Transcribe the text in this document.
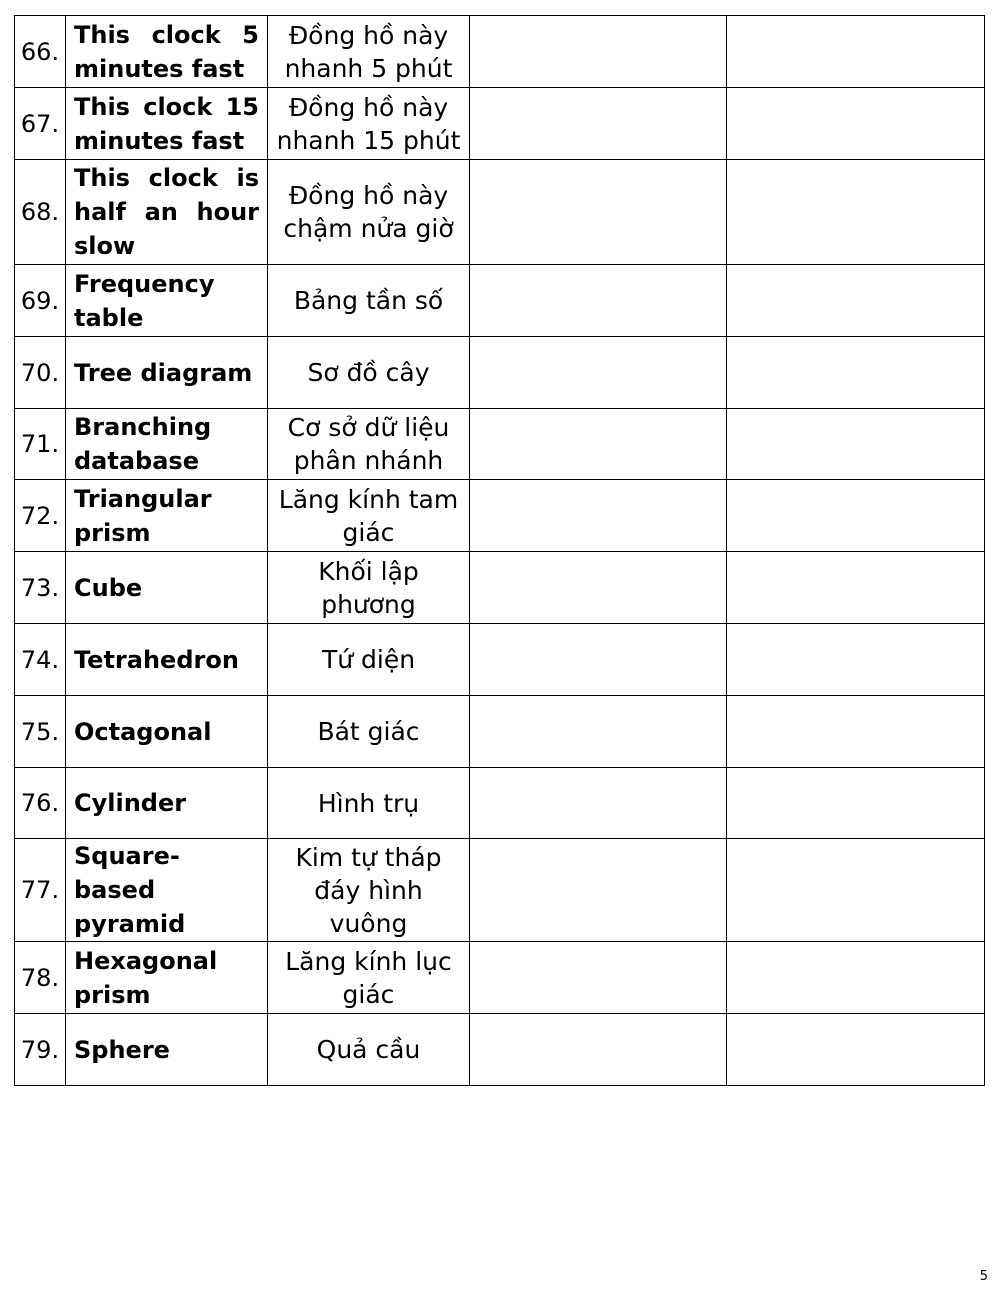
66.	This clock 5 minutes fast	Đồng hồ này nhanh 5 phút		
67.	This clock 15 minutes fast	Đồng hồ này nhanh 15 phút		
68.	This clock is half an hour slow	Đồng hồ này chậm nửa giờ		
69.	Frequency table	Bảng tần số		
70.	Tree diagram	Sơ đồ cây		
71.	Branching database	Cơ sở dữ liệu phân nhánh		
72.	Triangular prism	Lăng kính tam giác		
73.	Cube	Khối lập phương		
74.	Tetrahedron	Tứ diện		
75.	Octagonal	Bát giác		
76.	Cylinder	Hình trụ		
77.	Square-based pyramid	Kim tự tháp đáy hình vuông		
78.	Hexagonal prism	Lăng kính lục giác		
79.	Sphere	Quả cầu		
5
